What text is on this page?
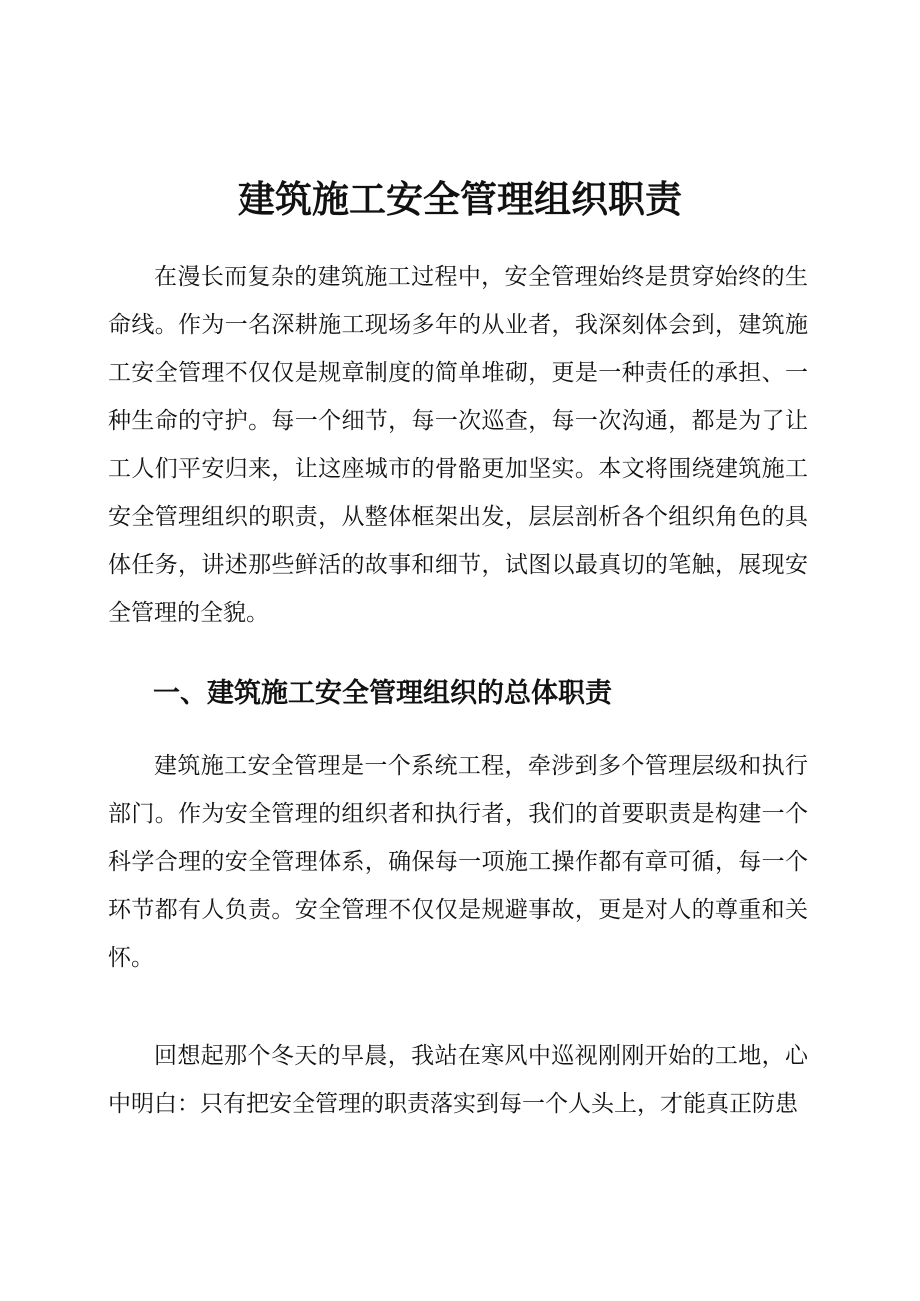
建筑施工安全管理组织职责

在漫长而复杂的建筑施工过程中，安全管理始终是贯穿始终的生命线。作为一名深耕施工现场多年的从业者，我深刻体会到，建筑施工安全管理不仅仅是规章制度的简单堆砌，更是一种责任的承担、一种生命的守护。每一个细节，每一次巡查，每一次沟通，都是为了让工人们平安归来，让这座城市的骨骼更加坚实。本文将围绕建筑施工安全管理组织的职责，从整体框架出发，层层剖析各个组织角色的具体任务，讲述那些鲜活的故事和细节，试图以最真切的笔触，展现安全管理的全貌。

一、建筑施工安全管理组织的总体职责

建筑施工安全管理是一个系统工程，牵涉到多个管理层级和执行部门。作为安全管理的组织者和执行者，我们的首要职责是构建一个科学合理的安全管理体系，确保每一项施工操作都有章可循，每一个环节都有人负责。安全管理不仅仅是规避事故，更是对人的尊重和关怀。

回想起那个冬天的早晨，我站在寒风中巡视刚刚开始的工地，心中明白：只有把安全管理的职责落实到每一个人头上，才能真正防患
